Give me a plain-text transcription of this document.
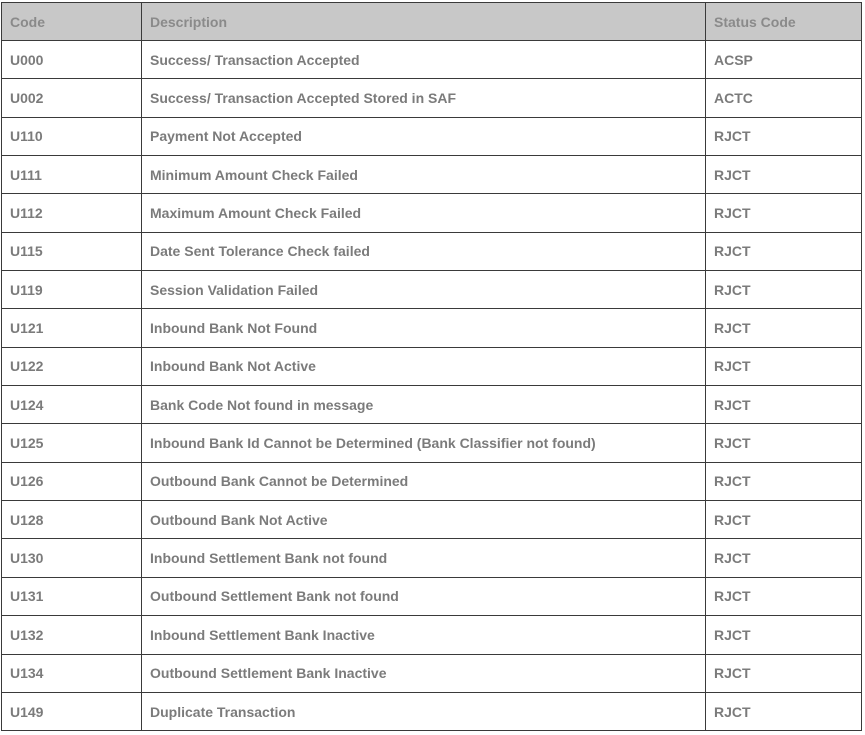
Code	Description	Status Code
U000	Success/ Transaction Accepted	ACSP
U002	Success/ Transaction Accepted Stored in SAF	ACTC
U110	Payment Not Accepted	RJCT
U111	Minimum Amount Check Failed	RJCT
U112	Maximum Amount Check Failed	RJCT
U115	Date Sent Tolerance Check failed	RJCT
U119	Session Validation Failed	RJCT
U121	Inbound Bank Not Found	RJCT
U122	Inbound Bank Not Active	RJCT
U124	Bank Code Not found in message	RJCT
U125	Inbound Bank Id Cannot be Determined (Bank Classifier not found)	RJCT
U126	Outbound Bank Cannot be Determined	RJCT
U128	Outbound Bank Not Active	RJCT
U130	Inbound Settlement Bank not found	RJCT
U131	Outbound Settlement Bank not found	RJCT
U132	Inbound Settlement Bank Inactive	RJCT
U134	Outbound Settlement Bank Inactive	RJCT
U149	Duplicate Transaction	RJCT
